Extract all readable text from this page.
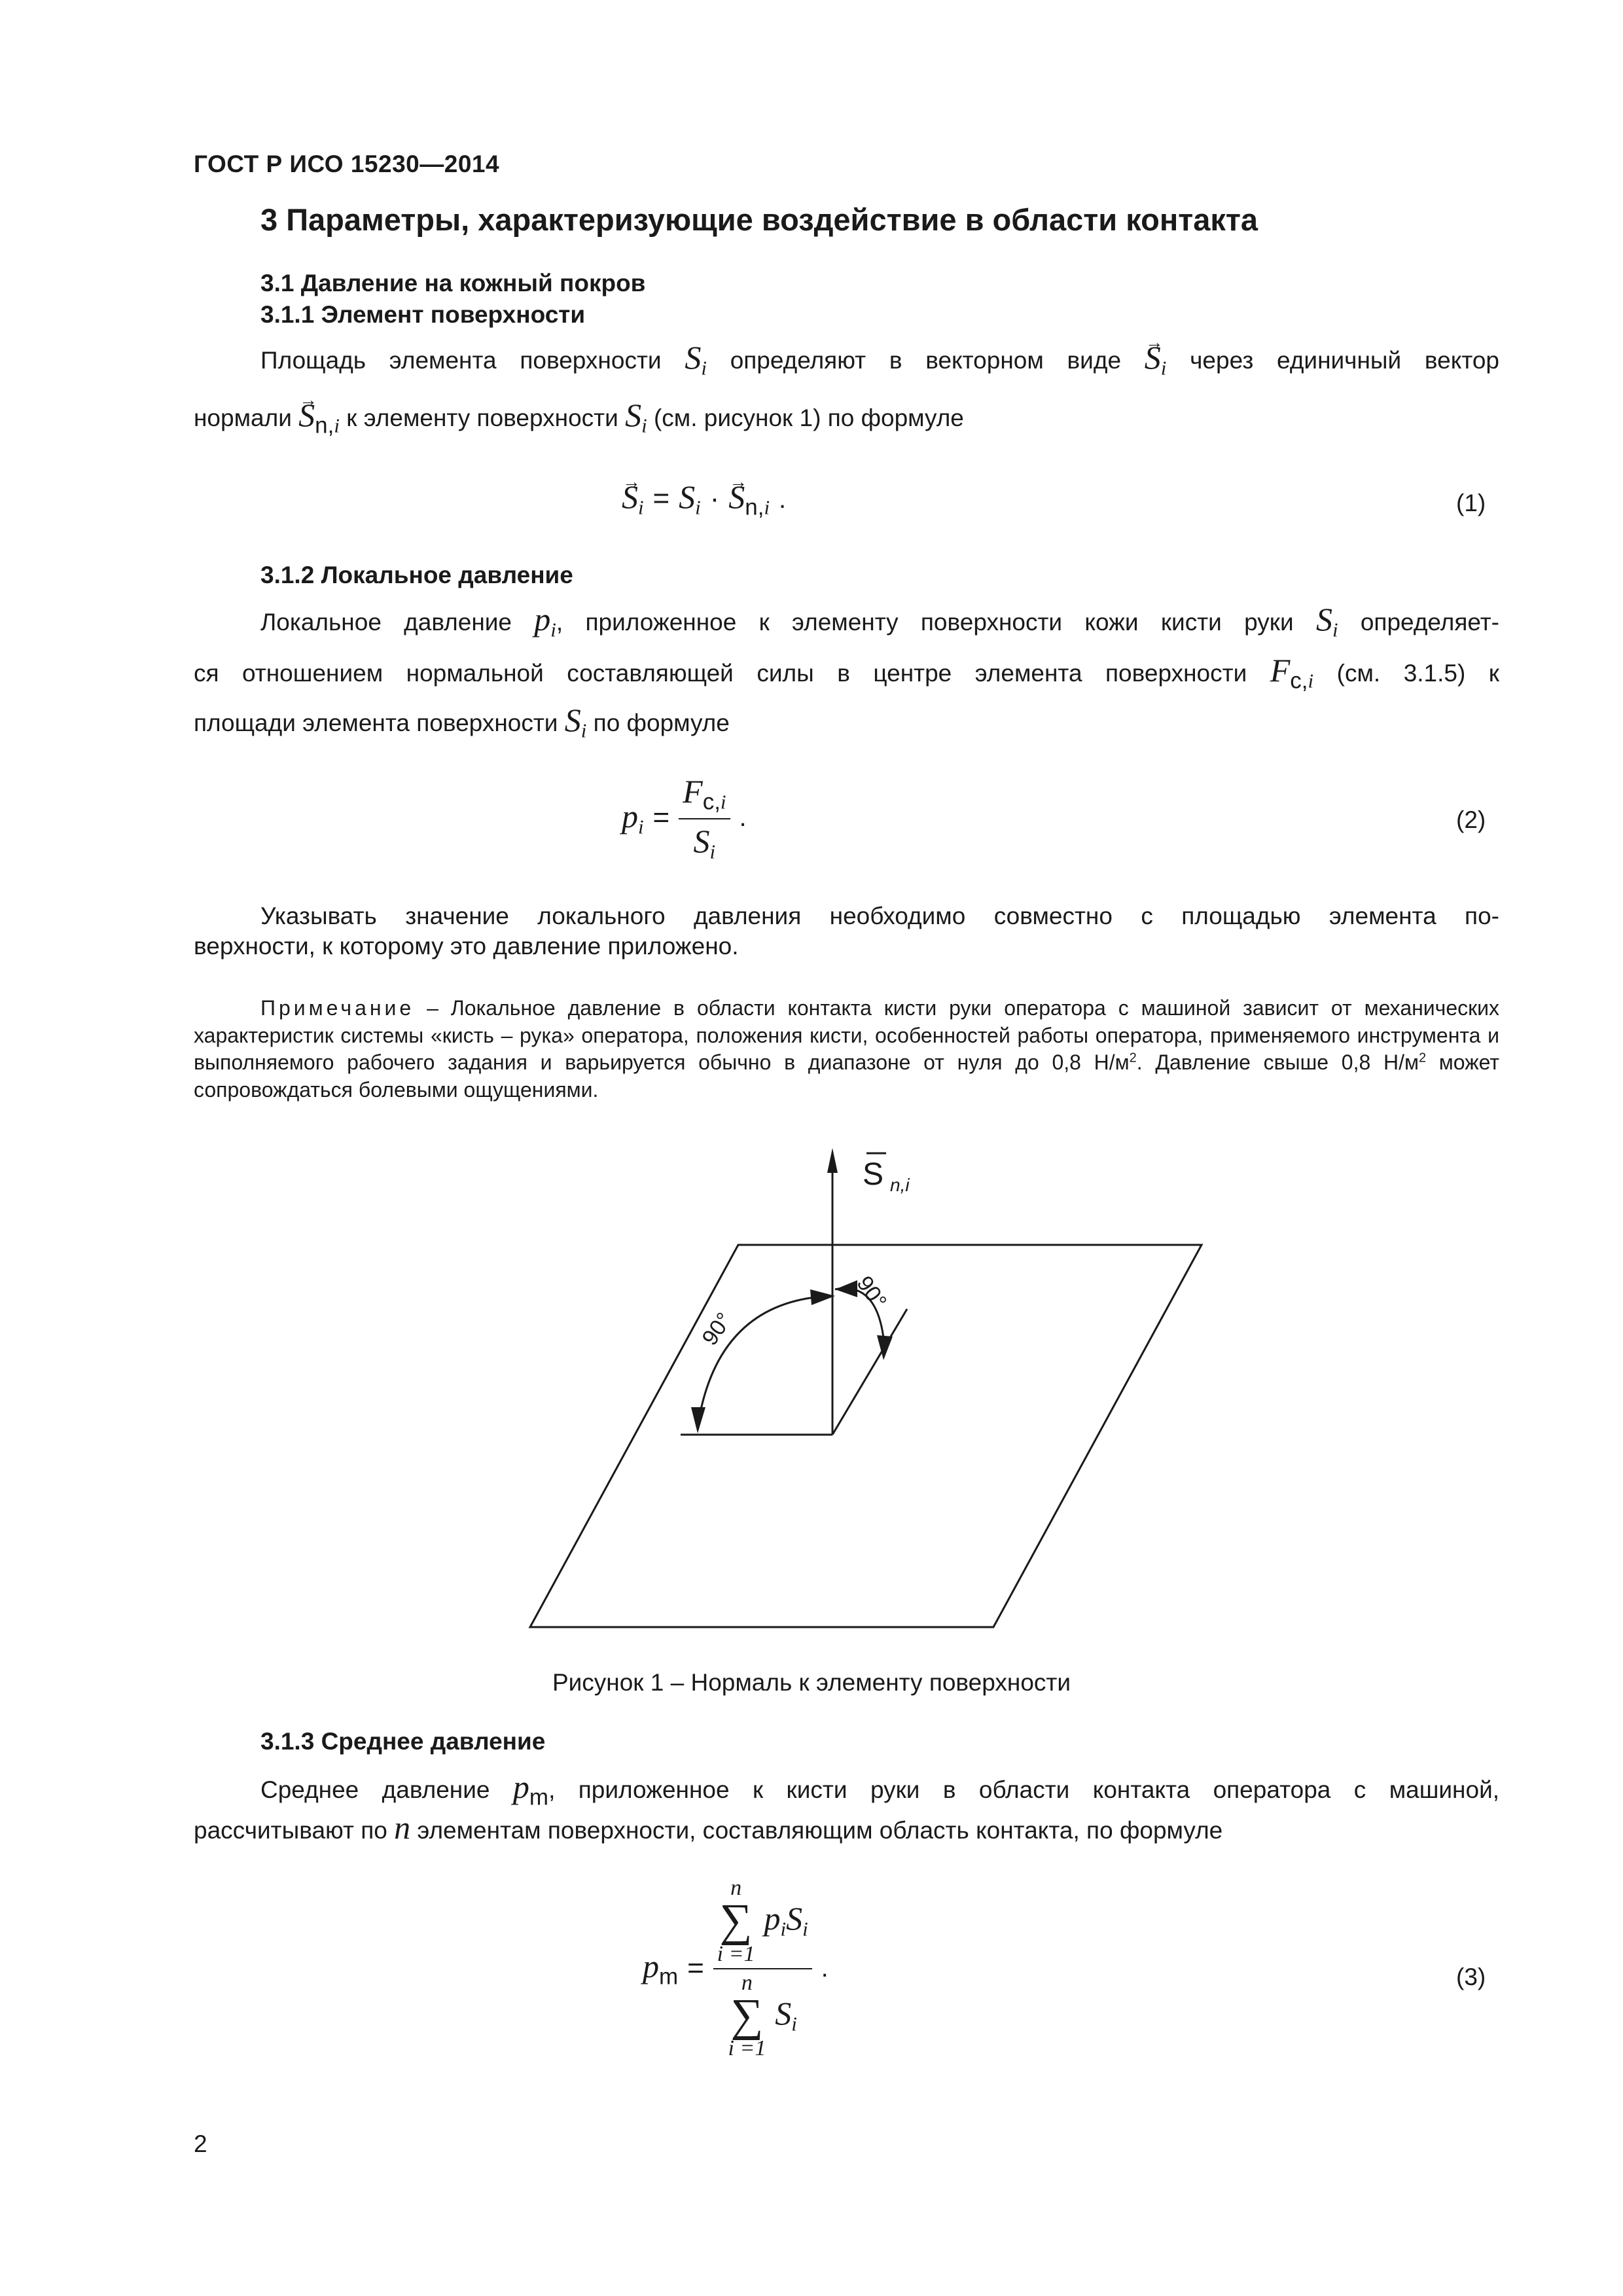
ГОСТ Р ИСО 15230—2014
3 Параметры, характеризующие воздействие в области контакта
3.1 Давление на кожный покров
3.1.1 Элемент поверхности
Площадь элемента поверхности $S_i$ определяют в векторном виде → $S_i$ через единичный вектор
нормали → $S_{n,i}$ к элементу поверхности $S_i$ (см. рисунок 1) по формуле
→ $S_i = S_i$ · → $S_{n,i}$ .	(1)
3.1.2 Локальное давление
Локальное давление $p_i$, приложенное к элементу поверхности кожи кисти руки $S_i$ определяет-
ся отношением нормальной составляющей силы в центре элемента поверхности $F_{c,i}$ (см. 3.1.5) к
площади элемента поверхности $S_i$ по формуле
$p_i = \frac{F_{c,i}}{S_i}$ .	(2)
Указывать значение локального давления необходимо совместно с площадью элемента по-
верхности, к которому это давление приложено.
Примечание – Локальное давление в области контакта кисти руки оператора с машиной зависит от механических характеристик системы «кисть – рука» оператора, положения кисти, особенностей работы оператора, применяемого инструмента и выполняемого рабочего задания и варьируется обычно в диапазоне от нуля до 0,8 $Н/м^2$. Давление свыше 0,8 $Н/м^2$ может сопровождаться болевыми ощущениями.
90°
90°
S n,i
Рисунок 1 – Нормаль к элементу поверхности
3.1.3 Среднее давление
Среднее давление $p_m$, приложенное к кисти руки в области контакта оператора с машиной,
рассчитывают по n элементам поверхности, составляющим область контакта, по формуле
$p_m = n$
∑
i =1
$p_iS_i$
n
∑
i =1
$S_i$ .	(3)
2
